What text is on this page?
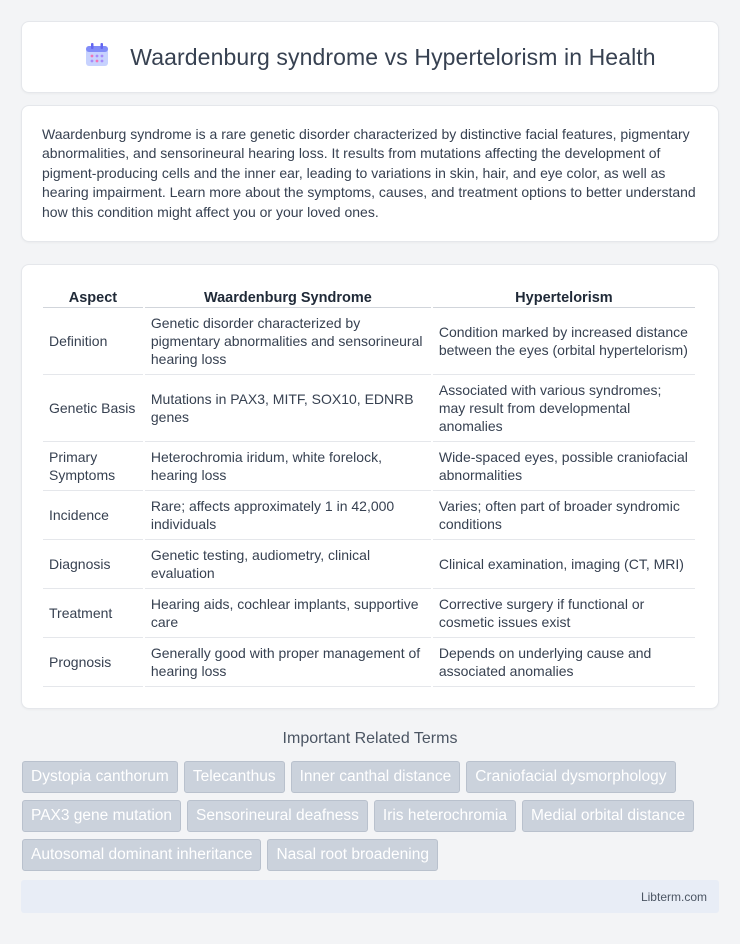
Waardenburg syndrome vs Hypertelorism in Health

Waardenburg syndrome is a rare genetic disorder characterized by distinctive facial features, pigmentary abnormalities, and sensorineural hearing loss. It results from mutations affecting the development of pigment-producing cells and the inner ear, leading to variations in skin, hair, and eye color, as well as hearing impairment. Learn more about the symptoms, causes, and treatment options to better understand how this condition might affect you or your loved ones.

Aspect	Waardenburg Syndrome	Hypertelorism
Definition	Genetic disorder characterized by pigmentary abnormalities and sensorineural hearing loss	Condition marked by increased distance between the eyes (orbital hypertelorism)
Genetic Basis	Mutations in PAX3, MITF, SOX10, EDNRB genes	Associated with various syndromes; may result from developmental anomalies
Primary Symptoms	Heterochromia iridum, white forelock, hearing loss	Wide-spaced eyes, possible craniofacial abnormalities
Incidence	Rare; affects approximately 1 in 42,000 individuals	Varies; often part of broader syndromic conditions
Diagnosis	Genetic testing, audiometry, clinical evaluation	Clinical examination, imaging (CT, MRI)
Treatment	Hearing aids, cochlear implants, supportive care	Corrective surgery if functional or cosmetic issues exist
Prognosis	Generally good with proper management of hearing loss	Depends on underlying cause and associated anomalies
Important Related Terms
Dystopia canthorum	Telecanthus	Inner canthal distance	Craniofacial dysmorphology
PAX3 gene mutation	Sensorineural deafness	Iris heterochromia	Medial orbital distance
Autosomal dominant inheritance	Nasal root broadening
Libterm.com
